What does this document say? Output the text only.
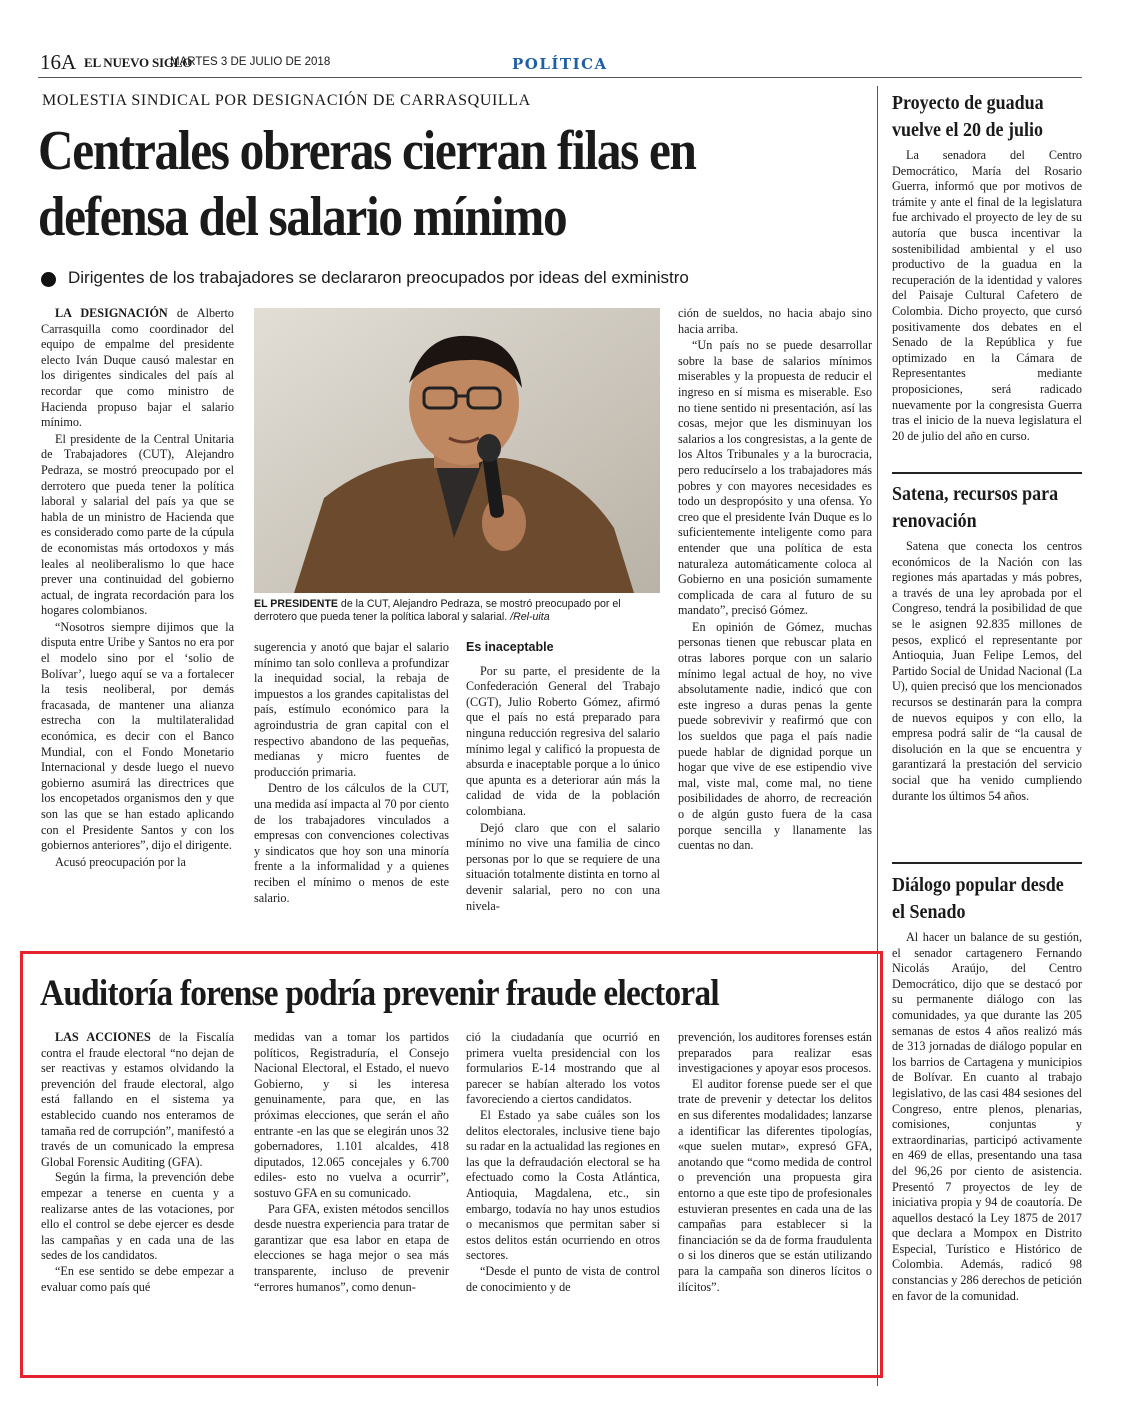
16A EL NUEVO SIGLO
MARTES 3 DE JULIO DE 2018	POLÍTICA
MOLESTIA SINDICAL POR DESIGNACIÓN DE CARRASQUILLA
Centrales obreras cierran filas en defensa del salario mínimo
Dirigentes de los trabajadores se declararon preocupados por ideas del exministro

LA DESIGNACIÓN de Alberto Carrasquilla como coordinador del equipo de empalme del presidente electo Iván Duque causó malestar en los dirigentes sindicales del país al recordar que como ministro de Hacienda propuso bajar el salario mínimo.

El presidente de la Central Unitaria de Trabajadores (CUT), Alejandro Pedraza, se mostró preocupado por el derrotero que pueda tener la política laboral y salarial del país ya que se habla de un ministro de Hacienda que es considerado como parte de la cúpula de economistas más ortodoxos y más leales al neoliberalismo lo que hace prever una continuidad del gobierno actual, de ingrata recordación para los hogares colombianos.

“Nosotros siempre dijimos que la disputa entre Uribe y Santos no era por el modelo sino por el ‘solio de Bolívar’, luego aquí se va a fortalecer la tesis neoliberal, por demás fracasada, de mantener una alianza estrecha con la multilateralidad económica, es decir con el Banco Mundial, con el Fondo Monetario Internacional y desde luego el nuevo gobierno asumirá las directrices que los encopetados organismos den y que son las que se han estado aplicando con el Presidente Santos y con los gobiernos anteriores”, dijo el dirigente.

Acusó preocupación por la

EL PRESIDENTE de la CUT, Alejandro Pedraza, se mostró preocupado por el derrotero que pueda tener la política laboral y salarial. /Rel-uita

sugerencia y anotó que bajar el salario mínimo tan solo conlleva a profundizar la inequidad social, la rebaja de impuestos a los grandes capitalistas del país, estímulo económico para la agroindustria de gran capital con el respectivo abandono de las pequeñas, medianas y micro fuentes de producción primaria.

Dentro de los cálculos de la CUT, una medida así impacta al 70 por ciento de los trabajadores vinculados a empresas con convenciones colectivas y sindicatos que hoy son una minoría frente a la informalidad y a quienes reciben el mínimo o menos de este salario.

Es inaceptable

Por su parte, el presidente de la Confederación General del Trabajo (CGT), Julio Roberto Gómez, afirmó que el país no está preparado para ninguna reducción regresiva del salario mínimo legal y calificó la propuesta de absurda e inaceptable porque a lo único que apunta es a deteriorar aún más la calidad de vida de la población colombiana.

Dejó claro que con el salario mínimo no vive una familia de cinco personas por lo que se requiere de una situación totalmente distinta en torno al devenir salarial, pero no con una nivela-

ción de sueldos, no hacia abajo sino hacia arriba.

“Un país no se puede desarrollar sobre la base de salarios mínimos miserables y la propuesta de reducir el ingreso en sí misma es miserable. Eso no tiene sentido ni presentación, así las cosas, mejor que les disminuyan los salarios a los congresistas, a la gente de los Altos Tribunales y a la burocracia, pero reducírselo a los trabajadores más pobres y con mayores necesidades es todo un despropósito y una ofensa. Yo creo que el presidente Iván Duque es lo suficientemente inteligente como para entender que una política de esta naturaleza automáticamente coloca al Gobierno en una posición sumamente complicada de cara al futuro de su mandato”, precisó Gómez.

En opinión de Gómez, muchas personas tienen que rebuscar plata en otras labores porque con un salario mínimo legal actual de hoy, no vive absolutamente nadie, indicó que con este ingreso a duras penas la gente puede sobrevivir y reafirmó que con los sueldos que paga el país nadie puede hablar de dignidad porque un hogar que vive de ese estipendio vive mal, viste mal, come mal, no tiene posibilidades de ahorro, de recreación o de algún gusto fuera de la casa porque sencilla y llanamente las cuentas no dan.

Proyecto de guadua vuelve el 20 de julio

La senadora del Centro Democrático, María del Rosario Guerra, informó que por motivos de trámite y ante el final de la legislatura fue archivado el proyecto de ley de su autoría que busca incentivar la sostenibilidad ambiental y el uso productivo de la guadua en la recuperación de la identidad y valores del Paisaje Cultural Cafetero de Colombia. Dicho proyecto, que cursó positivamente dos debates en el Senado de la República y fue optimizado en la Cámara de Representantes mediante proposiciones, será radicado nuevamente por la congresista Guerra tras el inicio de la nueva legislatura el 20 de julio del año en curso.

Satena, recursos para renovación

Satena que conecta los centros económicos de la Nación con las regiones más apartadas y más pobres, a través de una ley aprobada por el Congreso, tendrá la posibilidad de que se le asignen 92.835 millones de pesos, explicó el representante por Antioquia, Juan Felipe Lemos, del Partido Social de Unidad Nacional (La U), quien precisó que los mencionados recursos se destinarán para la compra de nuevos equipos y con ello, la empresa podrá salir de “la causal de disolución en la que se encuentra y garantizará la prestación del servicio social que ha venido cumpliendo durante los últimos 54 años.

Diálogo popular desde el Senado

Al hacer un balance de su gestión, el senador cartagenero Fernando Nicolás Araújo, del Centro Democrático, dijo que se destacó por su permanente diálogo con las comunidades, ya que durante las 205 semanas de estos 4 años realizó más de 313 jornadas de diálogo popular en los barrios de Cartagena y municipios de Bolívar. En cuanto al trabajo legislativo, de las casi 484 sesiones del Congreso, entre plenos, plenarias, comisiones, conjuntas y extraordinarias, participó activamente en 469 de ellas, presentando una tasa del 96,26 por ciento de asistencia. Presentó 7 proyectos de ley de iniciativa propia y 94 de coautoría. De aquellos destacó la Ley 1875 de 2017 que declara a Mompox en Distrito Especial, Turístico e Histórico de Colombia. Además, radicó 98 constancias y 286 derechos de petición en favor de la comunidad.

Auditoría forense podría prevenir fraude electoral

LAS ACCIONES de la Fiscalía contra el fraude electoral “no dejan de ser reactivas y estamos olvidando la prevención del fraude electoral, algo está fallando en el sistema ya establecido cuando nos enteramos de tamaña red de corrupción”, manifestó a través de un comunicado la empresa Global Forensic Auditing (GFA).

Según la firma, la prevención debe empezar a tenerse en cuenta y a realizarse antes de las votaciones, por ello el control se debe ejercer es desde las campañas y en cada una de las sedes de los candidatos.

“En ese sentido se debe empezar a evaluar como país qué

medidas van a tomar los partidos políticos, Registraduría, el Consejo Nacional Electoral, el Estado, el nuevo Gobierno, y si les interesa genuinamente, para que, en las próximas elecciones, que serán el año entrante -en las que se elegirán unos 32 gobernadores, 1.101 alcaldes, 418 diputados, 12.065 concejales y 6.700 ediles- esto no vuelva a ocurrir”, sostuvo GFA en su comunicado.

Para GFA, existen métodos sencillos desde nuestra experiencia para tratar de garantizar que esa labor en etapa de elecciones se haga mejor o sea más transparente, incluso de prevenir “errores humanos”, como denun-

ció la ciudadanía que ocurrió en primera vuelta presidencial con los formularios E-14 mostrando que al parecer se habían alterado los votos favoreciendo a ciertos candidatos.

El Estado ya sabe cuáles son los delitos electorales, inclusive tiene bajo su radar en la actualidad las regiones en las que la defraudación electoral se ha efectuado como la Costa Atlántica, Antioquia, Magdalena, etc., sin embargo, todavía no hay unos estudios o mecanismos que permitan saber si estos delitos están ocurriendo en otros sectores.

“Desde el punto de vista de control de conocimiento y de

prevención, los auditores forenses están preparados para realizar esas investigaciones y apoyar esos procesos.

El auditor forense puede ser el que trate de prevenir y detectar los delitos en sus diferentes modalidades; lanzarse a identificar las diferentes tipologías, «que suelen mutar», expresó GFA, anotando que “como medida de control o prevención una propuesta gira entorno a que este tipo de profesionales estuvieran presentes en cada una de las campañas para establecer si la financiación se da de forma fraudulenta o si los dineros que se están utilizando para la campaña son dineros lícitos o ilícitos”.
